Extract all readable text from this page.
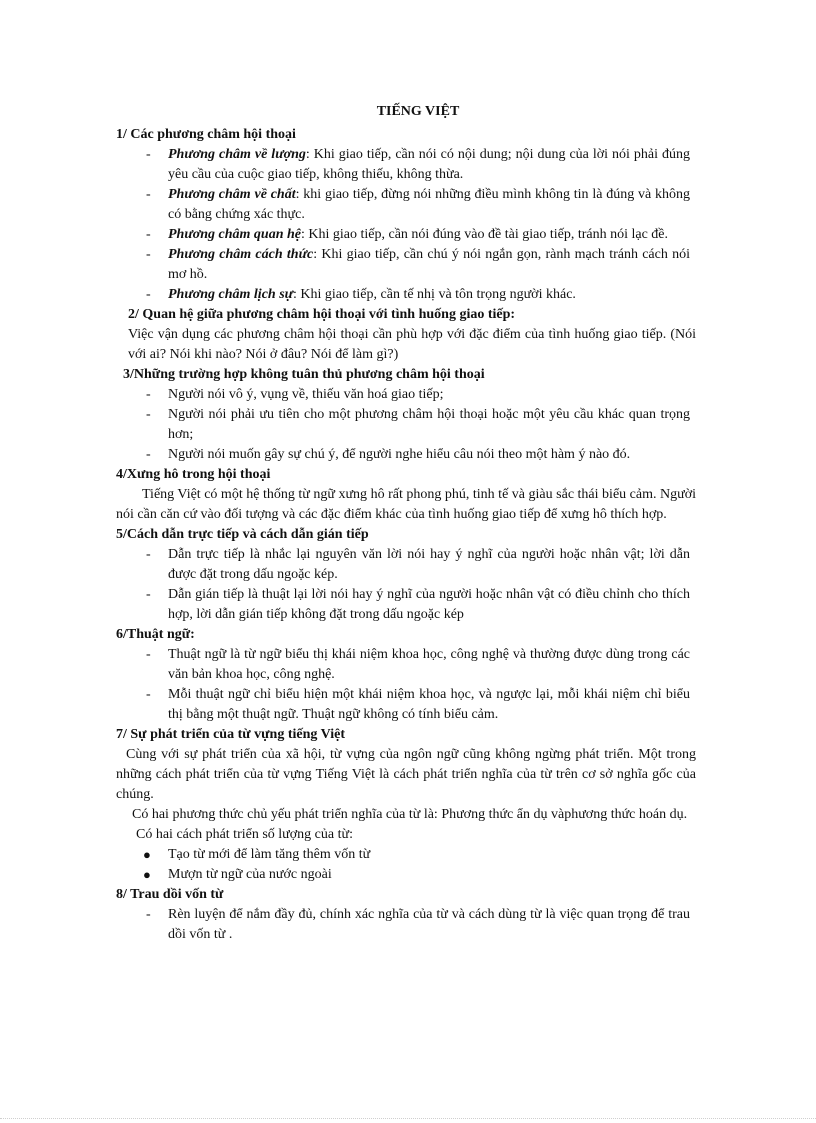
TIẾNG VIỆT
1/ Các phương châm hội thoại
- Phương châm về lượng: Khi giao tiếp, cần nói có nội dung; nội dung của lời nói phải đúng yêu cầu của cuộc giao tiếp, không thiếu, không thừa.
- Phương châm về chất: khi giao tiếp, đừng nói những điều mình không tin là đúng và không có bằng chứng xác thực.
- Phương châm quan hệ: Khi giao tiếp, cần nói đúng vào đề tài giao tiếp, tránh nói lạc đề.
- Phương châm cách thức: Khi giao tiếp, cần chú ý nói ngắn gọn, rành mạch tránh cách nói mơ hồ.
- Phương châm lịch sự: Khi giao tiếp, cần tế nhị và tôn trọng người khác.
2/ Quan hệ giữa phương châm hội thoại với tình huống giao tiếp:

Việc vận dụng các phương châm hội thoại cần phù hợp với đặc điểm của tình huống giao tiếp. (Nói với ai? Nói khi nào? Nói ở đâu? Nói để làm gì?)

3/Những trường hợp không tuân thủ phương châm hội thoại
- Người nói vô ý, vụng về, thiếu văn hoá giao tiếp;
- Người nói phải ưu tiên cho một phương châm hội thoại hoặc một yêu cầu khác quan trọng hơn;
- Người nói muốn gây sự chú ý, để người nghe hiểu câu nói theo một hàm ý nào đó.
4/Xưng hô trong hội thoại

Tiếng Việt có một hệ thống từ ngữ xưng hô rất phong phú, tinh tế và giàu sắc thái biểu cảm. Người nói cần căn cứ vào đối tượng và các đặc điểm khác của tình huống giao tiếp để xưng hô thích hợp.

5/Cách dẫn trực tiếp và cách dẫn gián tiếp
- Dẫn trực tiếp là nhắc lại nguyên văn lời nói hay ý nghĩ của người hoặc nhân vật; lời dẫn được đặt trong dấu ngoặc kép.
- Dẫn gián tiếp là thuật lại lời nói hay ý nghĩ của người hoặc nhân vật có điều chỉnh cho thích hợp, lời dẫn gián tiếp không đặt trong dấu ngoặc kép
6/Thuật ngữ:
- Thuật ngữ là từ ngữ biểu thị khái niệm khoa học, công nghệ và thường được dùng trong các văn bản khoa học, công nghệ.
- Mỗi thuật ngữ chỉ biểu hiện một khái niệm khoa học, và ngược lại, mỗi khái niệm chỉ biểu thị bằng một thuật ngữ. Thuật ngữ không có tính biểu cảm.
7/ Sự phát triển của từ vựng tiếng Việt

Cùng với sự phát triển của xã hội, từ vựng của ngôn ngữ cũng không ngừng phát triển. Một trong những cách phát triển của từ vựng Tiếng Việt là cách phát triển nghĩa của từ trên cơ sở nghĩa gốc của chúng.

Có hai phương thức chủ yếu phát triển nghĩa của từ là: Phương thức ẩn dụ vàphương thức hoán dụ.

Có hai cách phát triển số lượng của từ:

● Tạo từ mới để làm tăng thêm vốn từ
● Mượn từ ngữ của nước ngoài
8/ Trau dồi vốn từ
- Rèn luyện để nắm đầy đủ, chính xác nghĩa của từ và cách dùng từ là việc quan trọng để trau dồi vốn từ .
